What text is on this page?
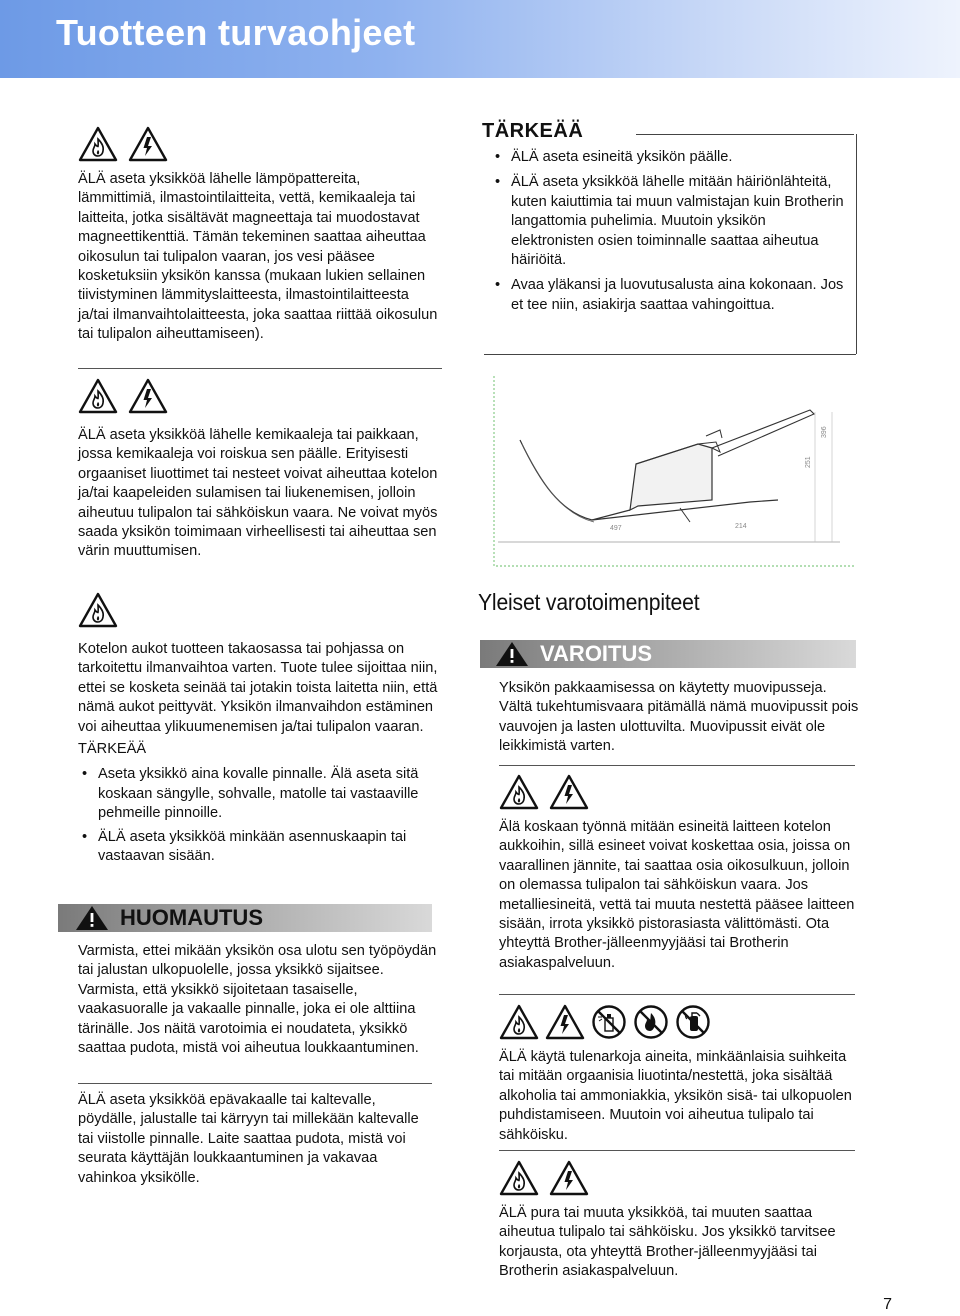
Tuotteen turvaohjeet

ÄLÄ aseta yksikköä lähelle lämpöpattereita, lämmittimiä, ilmastointilaitteita, vettä, kemikaaleja tai laitteita, jotka sisältävät magneettaja tai muodostavat magneettikenttiä. Tämän tekeminen saattaa aiheuttaa oikosulun tai tulipalon vaaran, jos vesi pääsee kosketuksiin yksikön kanssa (mukaan lukien sellainen tiivistyminen lämmityslaitteesta, ilmastointilaitteesta ja/tai ilmanvaihtolaitteesta, joka saattaa riittää oikosulun tai tulipalon aiheuttamiseen).

ÄLÄ aseta yksikköä lähelle kemikaaleja tai paikkaan, jossa kemikaaleja voi roiskua sen päälle. Erityisesti orgaaniset liuottimet tai nesteet voivat aiheuttaa kotelon ja/tai kaapeleiden sulamisen tai liukenemisen, jolloin aiheutuu tulipalon tai sähköiskun vaara. Ne voivat myös saada yksikön toimimaan virheellisesti tai aiheuttaa sen värin muuttumisen.

Kotelon aukot tuotteen takaosassa tai pohjassa on tarkoitettu ilmanvaihtoa varten. Tuote tulee sijoittaa niin, ettei se kosketa seinää tai jotakin toista laitetta niin, että nämä aukot peittyvät. Yksikön ilmanvaihdon estäminen voi aiheuttaa ylikuumenemisen ja/tai tulipalon vaaran.

TÄRKEÄÄ

• Aseta yksikkö aina kovalle pinnalle. Älä aseta sitä koskaan sängylle, sohvalle, matolle tai vastaaville pehmeille pinnoille.
• ÄLÄ aseta yksikköä minkään asennuskaapin tai vastaavan sisään.
HUOMAUTUS

Varmista, ettei mikään yksikön osa ulotu sen työpöydän tai jalustan ulkopuolelle, jossa yksikkö sijaitsee. Varmista, että yksikkö sijoitetaan tasaiselle, vaakasuoralle ja vakaalle pinnalle, joka ei ole alttiina tärinälle. Jos näitä varotoimia ei noudateta, yksikkö saattaa pudota, mistä voi aiheutua loukkaantuminen.

ÄLÄ aseta yksikköä epävakaalle tai kaltevalle, pöydälle, jalustalle tai kärryyn tai millekään kaltevalle tai viistolle pinnalle. Laite saattaa pudota, mistä voi seurata käyttäjän loukkaantuminen ja vakavaa vahinkoa yksikölle.

TÄRKEÄÄ
• ÄLÄ aseta esineitä yksikön päälle.
• ÄLÄ aseta yksikköä lähelle mitään häiriönlähteitä, kuten kaiuttimia tai muun valmistajan kuin Brotherin langattomia puhelimia. Muutoin yksikön elektronisten osien toiminnalle saattaa aiheutua häiriöitä.
• Avaa yläkansi ja luovutusalusta aina kokonaan. Jos et tee niin, asiakirja saattaa vahingoittua.
497	214
251
396
Yleiset varotoimenpiteet
VAROITUS

Yksikön pakkaamisessa on käytetty muovipusseja. Vältä tukehtumisvaara pitämällä nämä muovipussit pois vauvojen ja lasten ulottuvilta. Muovipussit eivät ole leikkimistä varten.

Älä koskaan työnnä mitään esineitä laitteen kotelon aukkoihin, sillä esineet voivat koskettaa osia, joissa on vaarallinen jännite, tai saattaa osia oikosulkuun, jolloin on olemassa tulipalon tai sähköiskun vaara. Jos metalliesineitä, vettä tai muuta nestettä pääsee laitteen sisään, irrota yksikkö pistorasiasta välittömästi. Ota yhteyttä Brother-jälleenmyyjääsi tai Brotherin asiakaspalveluun.

ÄLÄ käytä tulenarkoja aineita, minkäänlaisia suihkeita tai mitään orgaanisia liuotinta/nestettä, joka sisältää alkoholia tai ammoniakkia, yksikön sisä- tai ulkopuolen puhdistamiseen. Muutoin voi aiheutua tulipalo tai sähköisku.

ÄLÄ pura tai muuta yksikköä, tai muuten saattaa aiheutua tulipalo tai sähköisku. Jos yksikkö tarvitsee korjausta, ota yhteyttä Brother-jälleenmyyjääsi tai Brotherin asiakaspalveluun.

7
